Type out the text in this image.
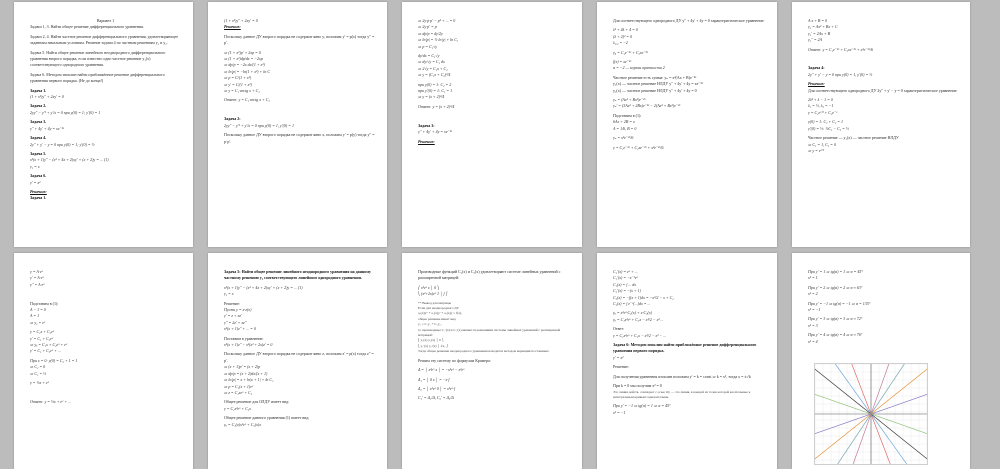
Вариант 1
Задачи 1, 3. Найти общее решение дифференциального уравнения.
Задачи 2, 4. Найти частное решение дифференциального уравнения, удовлетворяющее заданным начальным условиям. Решение задачи 4 по частным решениям y₁ и y₂.
Задача 5. Найти общее решение линейного неоднородного дифференциального уравнения второго порядка, если известно одно частное решение y₁(x) соответствующего однородного уравнения.
Задача 6. Методом изоклин найти приближённое решение дифференциального уравнения первого порядка. (Не до конца!)
Задача 1.
(1 + x²)y′′ + 2xy′ = 0
Задача 2.
2yy′′ − y′² + y′/x = 0 при y(0) = 1; y′(0) = 1
Задача 3.
y′′ + 4y′ + 4y = xe⁻²ˣ
Задача 4.
2y′′ + y′ − y = 0 при y(0) = 1; y′(0) = ½
Задача 5.
x²(x + 1)y′′ − (x² + 4x + 2)xy′ + (x + 2)y = ... (1)
y₁ = x
Задача 6.
y′ = x²
Решение:
Задача 1.
(1 + x²)y′′ + 2xy′ = 0
Решение:
Поскольку данное ДУ второго порядка не содержит явно y, положим y′ = p(x) тогда y′′ = p′.
⇒ (1 + x²)p′ + 2xp = 0
⇒ (1 + x²)dp/dx = −2xp
⇒ dp/p = −2x dx/(1 + x²)
⇒ ln|p| = −ln(1 + x²) + ln C
⇒ p = C/(1 + x²)
⇒ y′ = C/(1 + x²)
⇒ y = C₁·arctg x + C₂
Ответ: y = C₁·arctg x + C₂

Задача 2:
2yy′′ − y′² + y′/x = 0 при y(0) = 1, y′(0) = 1
Поскольку данное ДУ второго порядка не содержит явно x, положим y′ = p(y) тогда y′′ = p·p′.
⇒ 2y·p·p′ − p² + ... = 0
⇒ 2y·p′ = p
⇒ dp/p = dy/2y
⇒ ln|p| = ½ ln|y| + ln C₁
⇒ p = C₁√y
dy/dx = C₁√y
⇒ dy/√y = C₁ dx
⇒ 2√y = C₁x + C₂
⇒ y = (C₁x + C₂)²/4
при y(0) = 1: C₂ = 2
при y′(0) = 1: C₁ = 1
⇒ y = (x + 2)²/4
Ответ: y = (x + 2)²/4

Задача 3:
y′′ + 4y′ + 4y = xe⁻²ˣ
Решение:
Для соответствующего однородного ДУ y′′ + 4y′ + 4y = 0 характеристическое уравнение:
λ² + 4λ + 4 = 0
(λ + 2)² = 0
λ₁,₂ = −2
y₀ = C₁e⁻²ˣ + C₂xe⁻²ˣ
f(x) = xe⁻²ˣ
α = −2 — корень кратности 2
Частное решение есть сумма: yₙ = x²(Ax + B)e⁻²ˣ
y₁(x) — частное решение НЛДУ y′′ + 4y′ + 4y = xe⁻²ˣ
y₂(x) — частное решение НЛДУ y′′ + 4y′ + 4y = 0
yₙ = (Ax³ + Bx²)e⁻²ˣ
yₙ′ = (3Ax² + 2Bx)e⁻²ˣ − 2(Ax³ + Bx²)e⁻²ˣ
Подставим в (1):
6Ax + 2B = x
A = 1/6, B = 0
yₙ = x³e⁻²ˣ/6
y = C₁e⁻²ˣ + C₂xe⁻²ˣ + x³e⁻²ˣ/6
A·x + B = 0
y₁ = Ax² + Bx + C
y₁′ = 2Ax + B
y₁′′ = 2A
Ответ: y = C₁e⁻²ˣ + C₂xe⁻²ˣ + x³e⁻²ˣ/6

Задача 4:
2y′′ + y′ − y = 0 при y(0) = 1, y′(0) = ½
Решение:
Для соответствующего однородного ДУ 2y′′ + y′ − y = 0 характеристическое уравнение:
2λ² + λ − 1 = 0
λ₁ = ½, λ₂ = −1
y = C₁eˣ′² + C₂e⁻ˣ
y(0) = 1: C₁ + C₂ = 1
y′(0) = ½: ½C₁ − C₂ = ½
Частное решение — y₁(x) — частное решение НЛДУ
⇒ C₁ = 1, C₂ = 0
⇒ y = eˣ′²
y = A·eˣ
y′ = A·eˣ
y′′ = A·eˣ

Подставим в (1):
A − 1 = 0
A = 1
⇒ y₁ = eˣ
y = C₁x + C₂eˣ
y′ = C₁ + C₂eˣ
⇒ yₒ = C₁x + C₂eˣ + eˣ
y′ = C₁ + C₂eˣ + ...
При x = 0: y(0) = C₂ + 1 = 1
⇒ C₂ = 0
⇒ C₁ = ½
y = ½x + eˣ

Ответ: y = ½x + eˣ + ...
Задача 5: Найти общее решение линейного неоднородного уравнения на данному частному решению y₁ соответствующего линейного однородного уравнения.
x²(x + 1)y′′ − (x² + 4x + 2)xy′ + (x + 2)y = ... (1)
y₁ = x
Решение:
Пусть y = x·z(x)
y′ = z + xz′
y′′ = 2z′ + xz′′
x³(x + 1)z′′ + ... = 0
Поставим в уравнение:
x³(x + 1)z′′ − x²(x² + 2x)z′ = 0
Поскольку данное ДУ второго порядка не содержит явно z, положим z′ = p(x) тогда z′′ = p′.
⇒ (x + 1)p′ = (x + 2)p
⇒ dp/p = (x + 2)dx/(x + 1)
⇒ ln|p| = x + ln|x + 1| + ln C₁
⇒ p = C₁(x + 1)eˣ
⇒ z = C₁xeˣ + C₂
Общее решение для ОЛДУ имеет вид:
y = C₁x²eˣ + C₂x
Общее решение данного уравнения (1) имеет вид:
yₒ = C₁(x)x²eˣ + C₂(x)x
Производные функций C₁(x) и C₂(x) удовлетворяют системе линейных уравнений с расширенной матрицей:
⎛ x²eˣ x │ 0 ⎞
⎝ (x²+2x)eˣ 1 │ f ⎠
** Вывод для матрицы
Если для неоднородного ДУ
a₀(x)y′′ + a₁(x)y′ + a₂(x)y = f(x),
общее решение имеет вид
y₀ = C₁y₁ + C₂y₂,
то производные C₁′(x) и C₂′(x) являются решениями системы линейных уравнений с расширенной матрицей:
⎛ y₁(x) y₂(x) │ 0 ⎞
⎝ y₁′(x) y₂′(x) │ f/a₀ ⎠
Тогда общее решение неоднородного уравнения находится методом вариации постоянных.
Решим эту систему по формулам Крамера:
Δ = │ x²eˣ x │ = −x³eˣ − x²eˣ
Δ₁ = │ 0 x │ = −x·f
Δ₂ = │ x²eˣ 0 │ = x²eˣ·f
C₁′ = Δ₁/Δ, C₂′ = Δ₂/Δ
C₁′(x) = eˣ + ...
C₁′(x) = −x⁻¹eˣ
C₁(x) = ∫ ... dx
C₂′(x) = −(x + 1)
C₂(x) = −∫(x + 1)dx = −x²/2 − x + C₂
C₁(x) = ∫ e⁻ˣ(...)dx = ...
yₒ = x²eˣ·C₁(x) + x·C₂(x)
yₒ = C₁x²eˣ + C₂x − x³/2 − x² ...
Ответ:
y = C₁x²eˣ + C₂x − x³/2 − x² − ...
Задача 6: Методом изоклин найти приближённое решение дифференциального уравнения первого порядка.
y′ = x²
Решение:
Для получения уравнения изоклин положим y′ = k = const ⇒ k = x², тогда x = ±√k
При k = 0 мы получим x² = 0
Это линия действ. совпадает с осью Oy — это линия, в каждой из точек которой касательные к интегральным кривым горизонтальны.
При y′ = −1 ⇒ tg(α) = 1 ⇒ α = 45°
x² = −1
При y′ = 1 ⇒ tg(α) = 1 ⇒ α = 45°
x² = 1
При y′ = 2 ⇒ tg(α) = 2 ⇒ α ≈ 63°
x² = 2
При y′ = −1 ⇒ tg(α) = −1 ⇒ α = 135°
x² = −1
При y′ = 3 ⇒ tg(α) = 3 ⇒ α ≈ 72°
x² = 3
При y′ = 4 ⇒ tg(α) = 4 ⇒ α ≈ 76°
x² = 4
